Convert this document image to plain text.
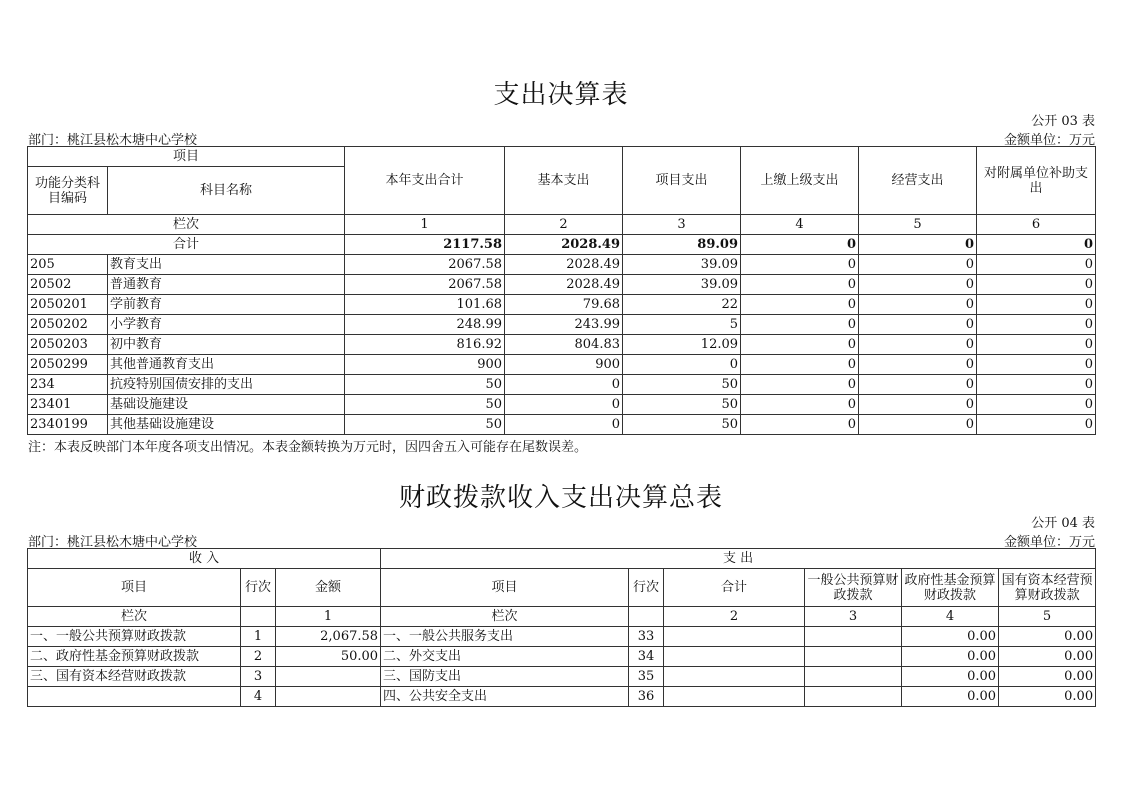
支出决算表
公开 03 表
部门：桃江县松木塘中心学校	金额单位：万元
项目		本年支出合计	基本支出	项目支出	上缴上级支出	经营支出	对附属单位补助支出
功能分类科目编码	科目名称						
栏次		1	2	3	4	5	6
合计		2117.58	2028.49	89.09	0	0	0
205	教育支出	2067.58	2028.49	39.09	0	0	0
20502	普通教育	2067.58	2028.49	39.09	0	0	0
2050201	学前教育	101.68	79.68	22	0	0	0
2050202	小学教育	248.99	243.99	5	0	0	0
2050203	初中教育	816.92	804.83	12.09	0	0	0
2050299	其他普通教育支出	900	900	0	0	0	0
234	抗疫特别国债安排的支出	50	0	50	0	0	0
23401	基础设施建设	50	0	50	0	0	0
2340199	其他基础设施建设	50	0	50	0	0	0
注：本表反映部门本年度各项支出情况。本表金额转换为万元时，因四舍五入可能存在尾数误差。
财政拨款收入支出决算总表
公开 04 表
部门：桃江县松木塘中心学校	金额单位：万元
收 入			支 出					
项目	行次	金额	项目	行次	合计	一般公共预算财政拨款	政府性基金预算财政拨款	国有资本经营预算财政拨款
栏次		1	栏次		2	3	4	5
一、一般公共预算财政拨款	1	2,067.58	一、一般公共服务支出	33			0.00	0.00
二、政府性基金预算财政拨款	2	50.00	二、外交支出	34			0.00	0.00
三、国有资本经营财政拨款	3		三、国防支出	35			0.00	0.00
	4		四、公共安全支出	36			0.00	0.00
